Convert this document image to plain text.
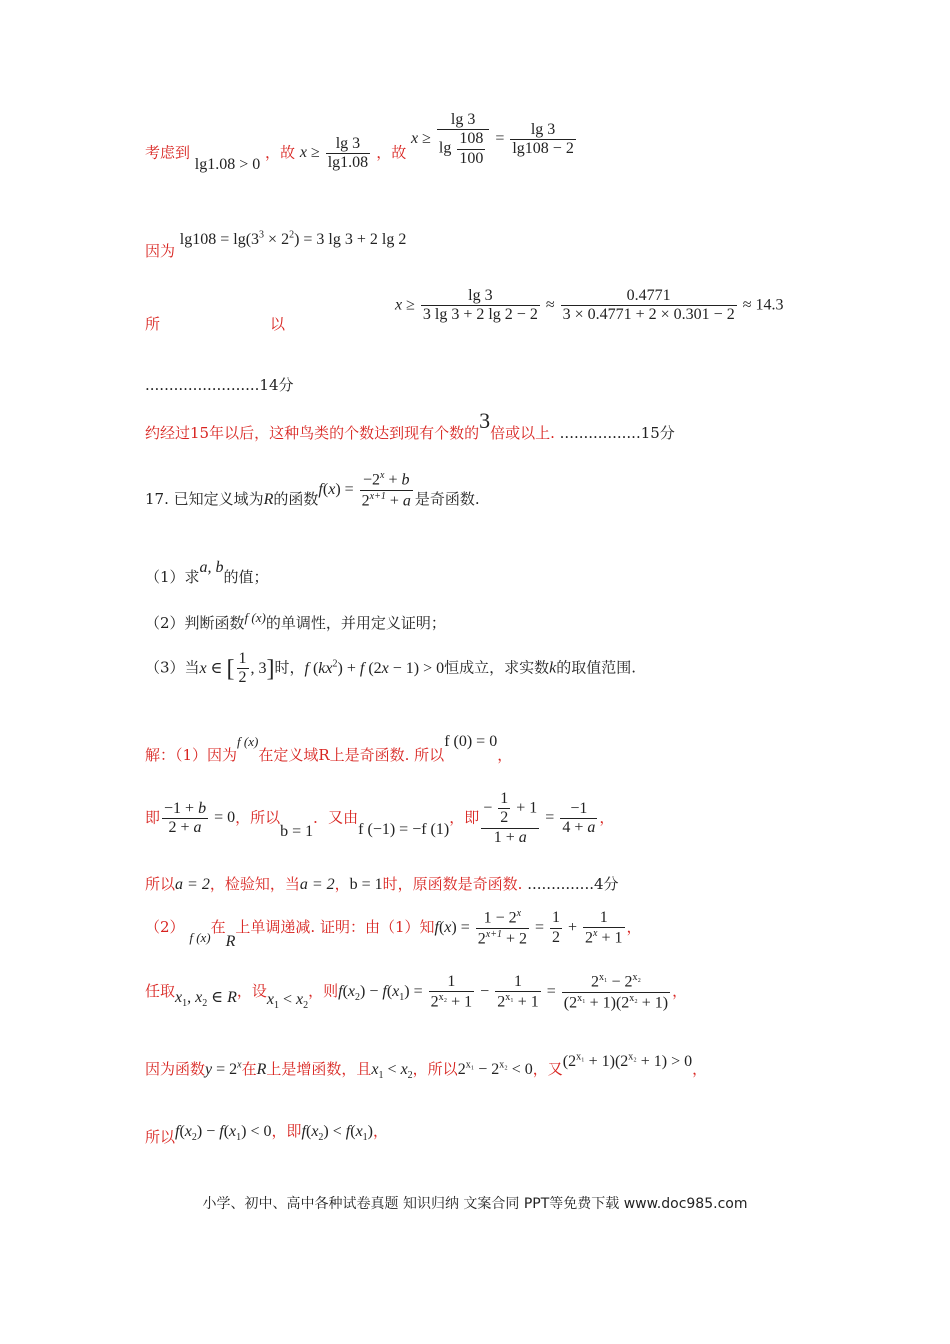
考虑到 lg1.08 > 0 ，故 $x \ge \frac{\lg 3}{\lg 1.08}$ ，故 $x \ge \frac{\lg 3}{\lg \frac{108}{100}} = \frac{\lg 3}{\lg 108 - 2}$
因为 $\lg 108 = \lg(3^3 \times 2^2) = 3$ lg 3 + 2 lg 2
所	以
$x \ge \frac{\lg 3}{3 \lg 3 + 2 \lg 2 - 2} \approx \frac{0.4771}{3 \times 0.4771 + 2 \times 0.301 - 2} \approx 14.3$
........................14分
约经过15年以后，这种鸟类的个数达到现有个数的3倍或以上. .................15分
17. 已知定义域为R的函数$f(x) = \frac{-2^x + b}{2^{x+1} + a}$ 是奇函数.
（1）求a, b的值；
（2）判断函数f (x)的单调性，并用定义证明；
（3）当x ∈ [ $\frac{1}{2}$ , 3]时，f $(kx^2) + f$ (2x − 1) > 0恒成立，求实数k的取值范围.
解：（1）因为f (x)在定义域R上是奇函数. 所以f (0) = 0，
即 $\frac{-1 + b}{2 + a} = 0$，所以b = 1．又由f (−1) = −f (1)，即 $\frac{- \frac{1}{2} + 1}{1 + a} = \frac{-1}{4 + a}$ ，
所以a = 2，检验知，当a = 2，b = 1时，原函数是奇函数. ..............4分
（2） f (x)在R上单调递减. 证明：由（1）知$f(x) = \frac{1 - 2^x}{2^{x+1} + 2} = \frac{1}{2} + \frac{1}{2^x + 1}$ ，
任取$x_1$, $x_2$ ∈ R，设$x_1 < x_2$，则$f(x_2) - f(x_1) = \frac{1}{2^{x_2} + 1} - \frac{1}{2^{x_1} + 1} = \frac{2^{x_1} - 2^{x_2}}{(2^{x_1} + 1)(2^{x_2} + 1)}$ ，
因为函数$y = 2^x$在R上是增函数，且$x_1 < x_2$，所以$2^{x_1} - 2^{x_2} < 0$，又$(2^{x_1} + 1)(2^{x_2} + 1) > 0$，
所以$f(x_2) - f(x_1) < 0$，即$f(x_2) < f(x_1)$，
小学、初中、高中各种试卷真题 知识归纳 文案合同 PPT等免费下载 www.doc985.com
